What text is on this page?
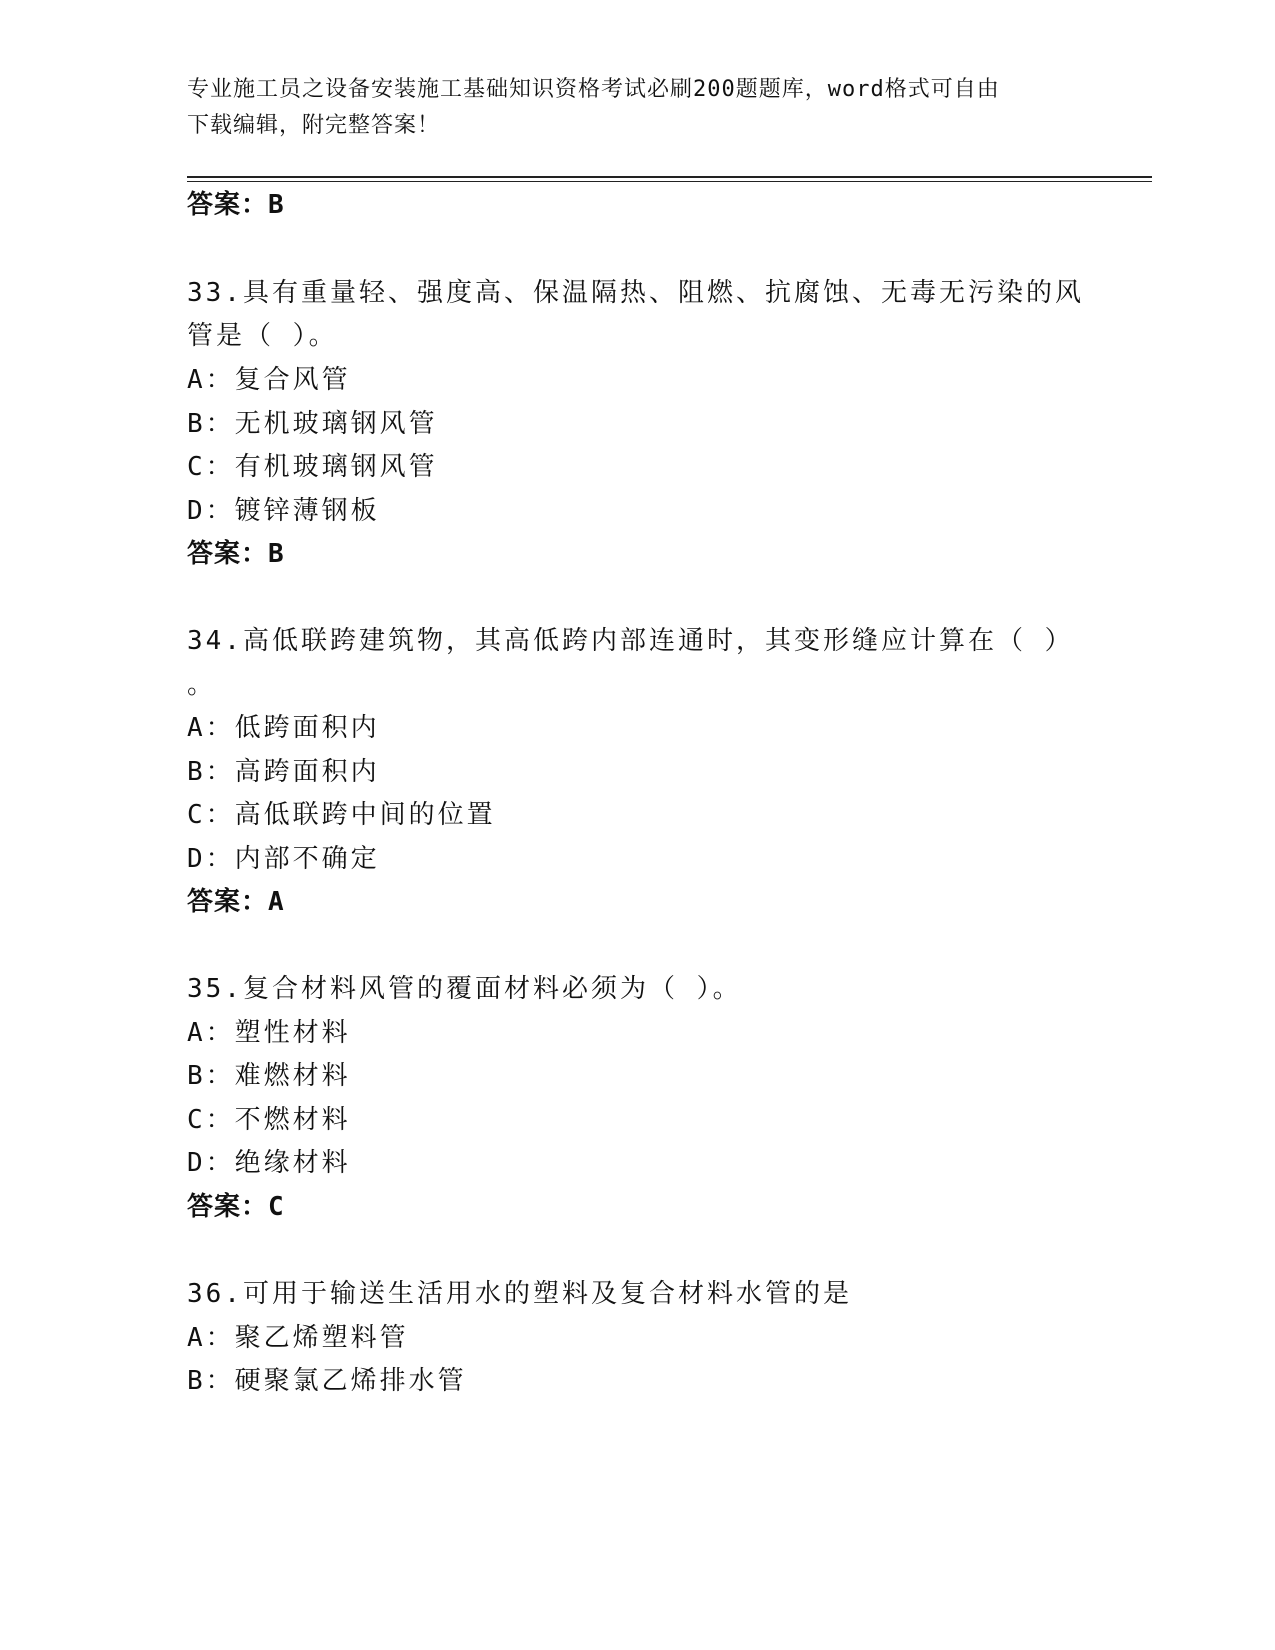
专业施工员之设备安装施工基础知识资格考试必刷200题题库，word格式可自由
下载编辑，附完整答案！
答案：B
33.具有重量轻、强度高、保温隔热、阻燃、抗腐蚀、无毒无污染的风
管是（ ）。
A：复合风管
B：无机玻璃钢风管
C：有机玻璃钢风管
D：镀锌薄钢板
答案：B
34.高低联跨建筑物，其高低跨内部连通时，其变形缝应计算在（ ）
。
A：低跨面积内
B：高跨面积内
C：高低联跨中间的位置
D：内部不确定
答案：A
35.复合材料风管的覆面材料必须为（ ）。
A：塑性材料
B：难燃材料
C：不燃材料
D：绝缘材料
答案：C
36.可用于输送生活用水的塑料及复合材料水管的是
A：聚乙烯塑料管
B：硬聚氯乙烯排水管
